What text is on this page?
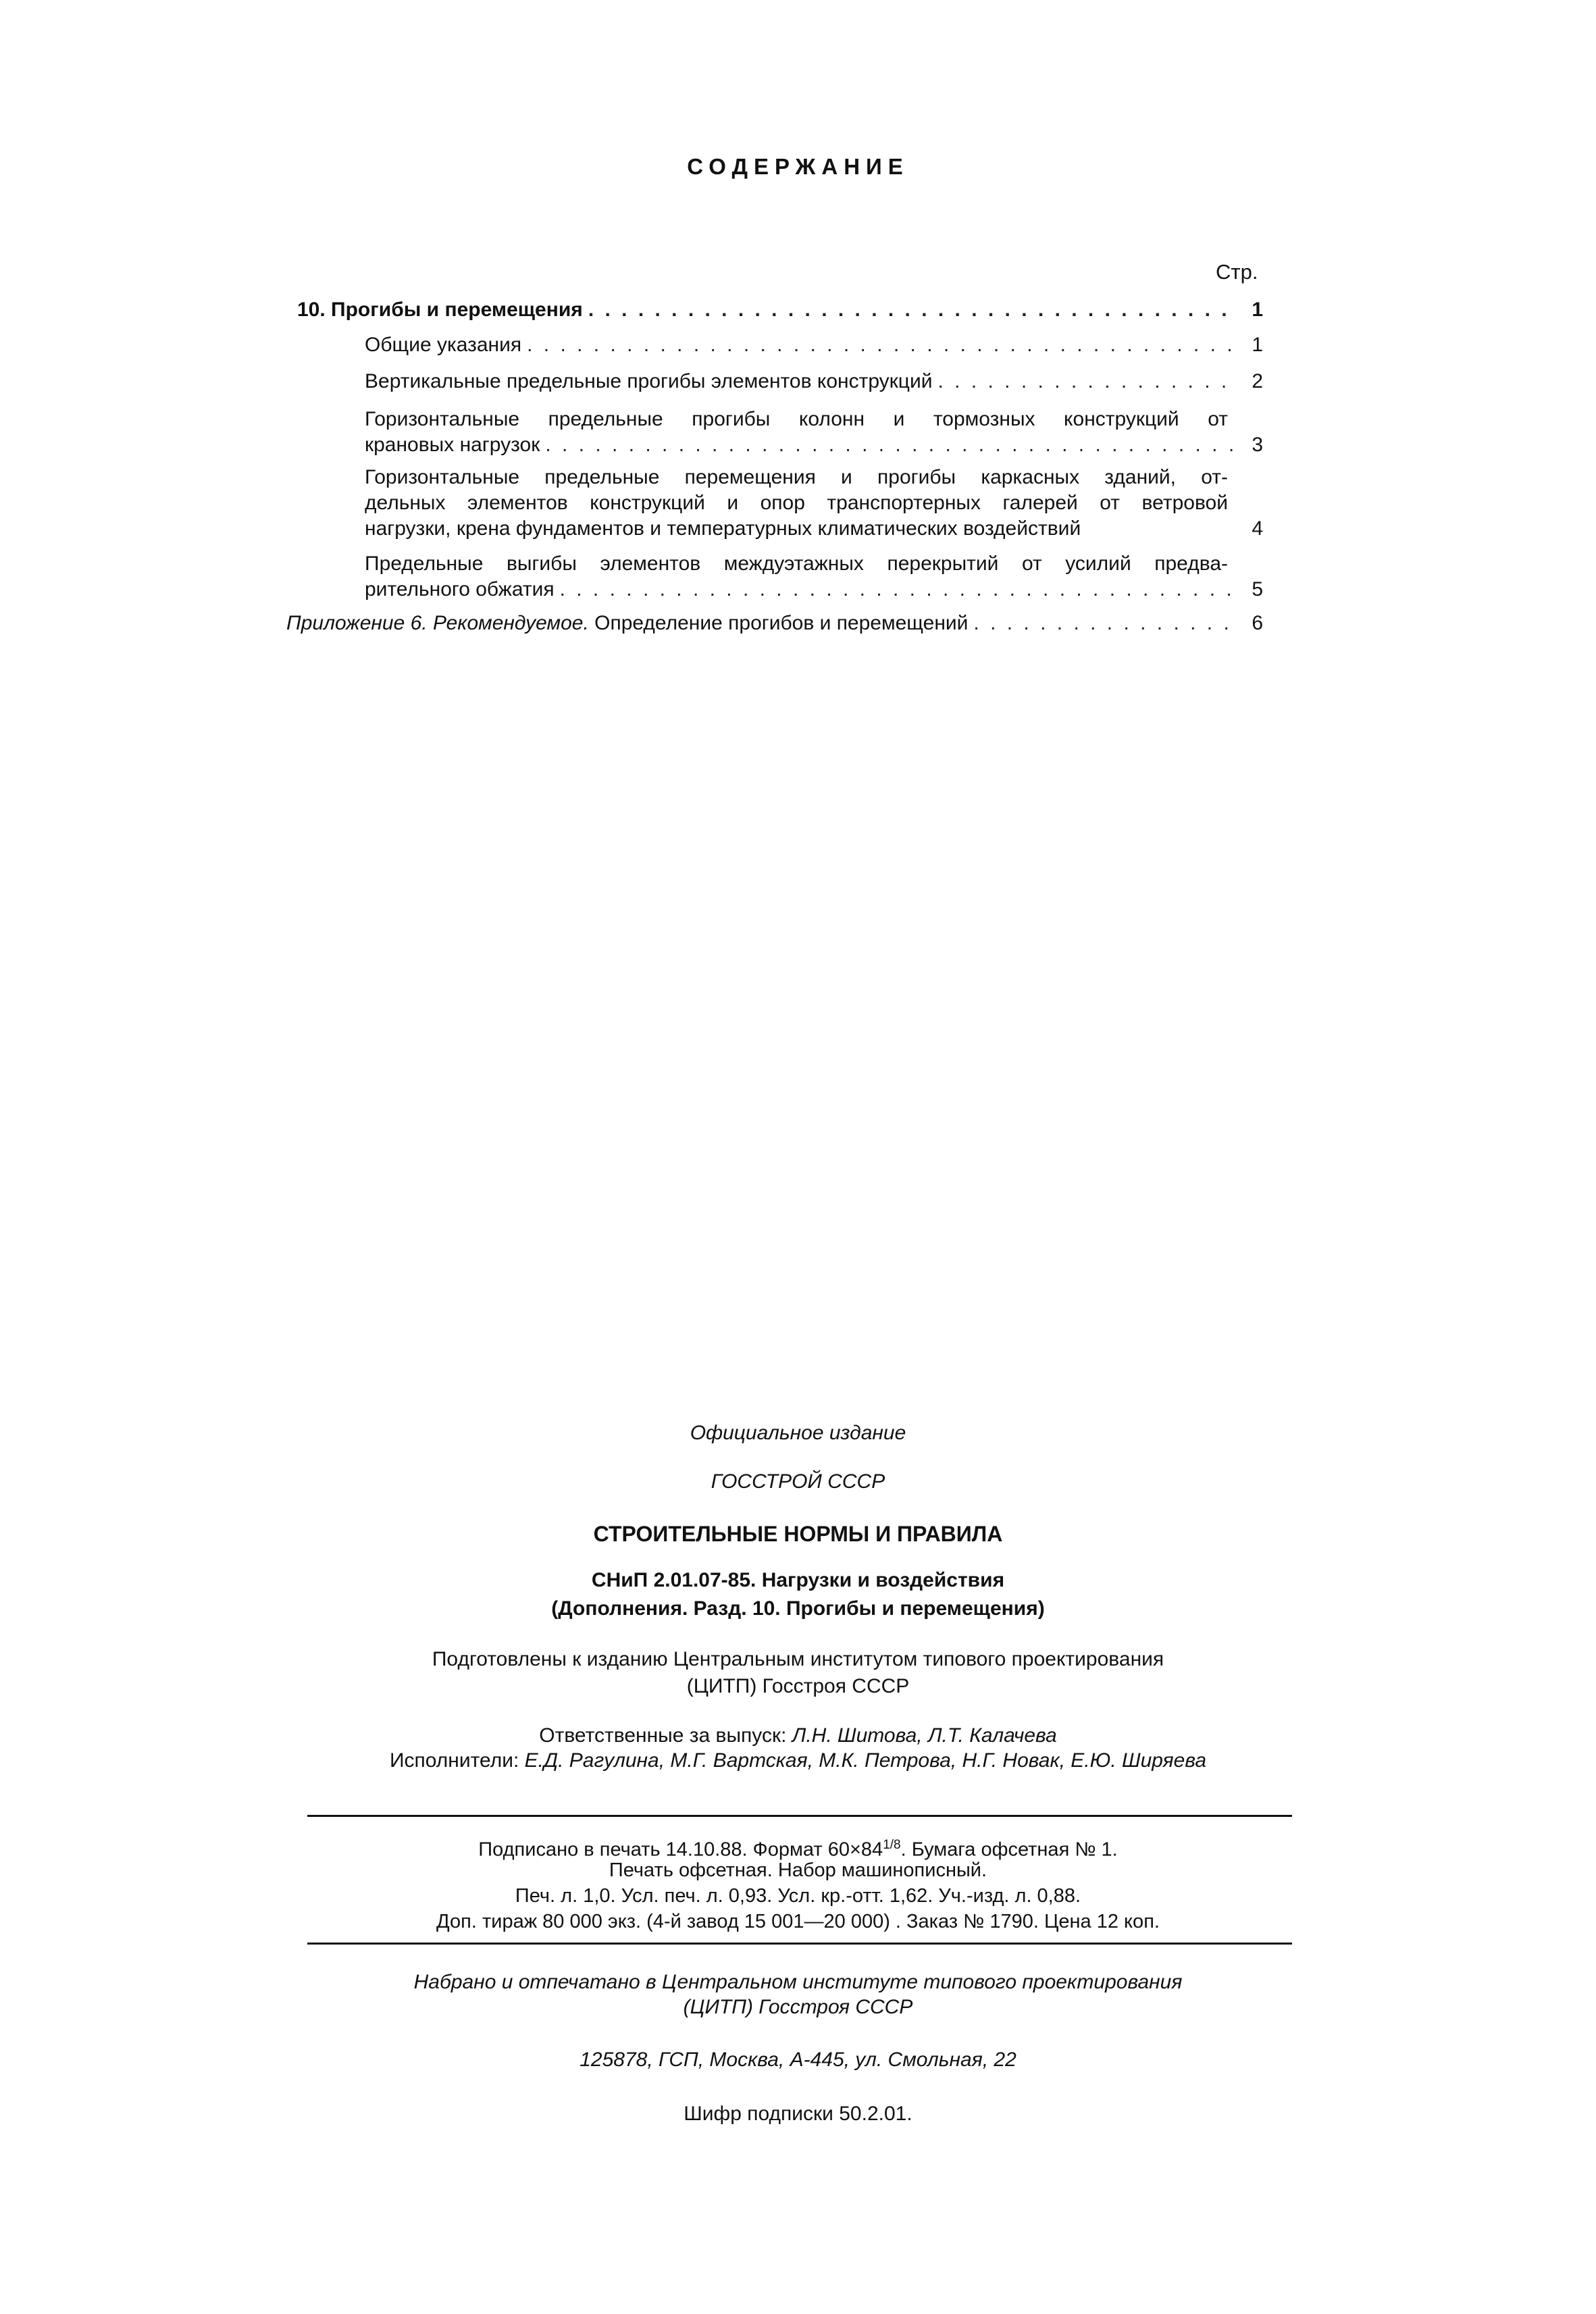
СОДЕРЖАНИЕ
Стр.
10. Прогибы и перемещения . . .	1
Общие указания . . .	1
Вертикальные предельные прогибы элементов конструкций . . .	2
Горизонтальные предельные прогибы колонн и тормозных конструкций от
крановых нагрузок . . .	3
Горизонтальные предельные перемещения и прогибы каркасных зданий, от-
дельных элементов конструкций и опор транспортерных галерей от ветровой
нагрузки, крена фундаментов и температурных климатических воздействий	4
Предельные выгибы элементов междуэтажных перекрытий от усилий предва-
рительного обжатия . . .	5
Приложение 6. Рекомендуемое. Определение прогибов и перемещений . . .	6
Официальное издание
ГОССТРОЙ СССР
СТРОИТЕЛЬНЫЕ НОРМЫ И ПРАВИЛА
СНиП 2.01.07-85. Нагрузки и воздействия
(Дополнения. Разд. 10. Прогибы и перемещения)
Подготовлены к изданию Центральным институтом типового проектирования
(ЦИТП) Госстроя СССР
Ответственные за выпуск: Л.Н. Шитова, Л.Т. Калачева
Исполнители: Е.Д. Рагулина, М.Г. Вартская, М.К. Петрова, Н.Г. Новак, Е.Ю. Ширяева
Подписано в печать 14.10.88. Формат $60\times 84^{1/8}$. Бумага офсетная № 1.
Печать офсетная. Набор машинописный.
Печ. л. 1,0. Усл. печ. л. 0,93. Усл. кр.-отт. 1,62. Уч.-изд. л. 0,88.
Доп. тираж 80 000 экз. (4-й завод 15 001—20 000) . Заказ № 1790. Цена 12 коп.
Набрано и отпечатано в Центральном институте типового проектирования
(ЦИТП) Госстроя СССР
125878, ГСП, Москва, А-445, ул. Смольная, 22
Шифр подписки 50.2.01.
